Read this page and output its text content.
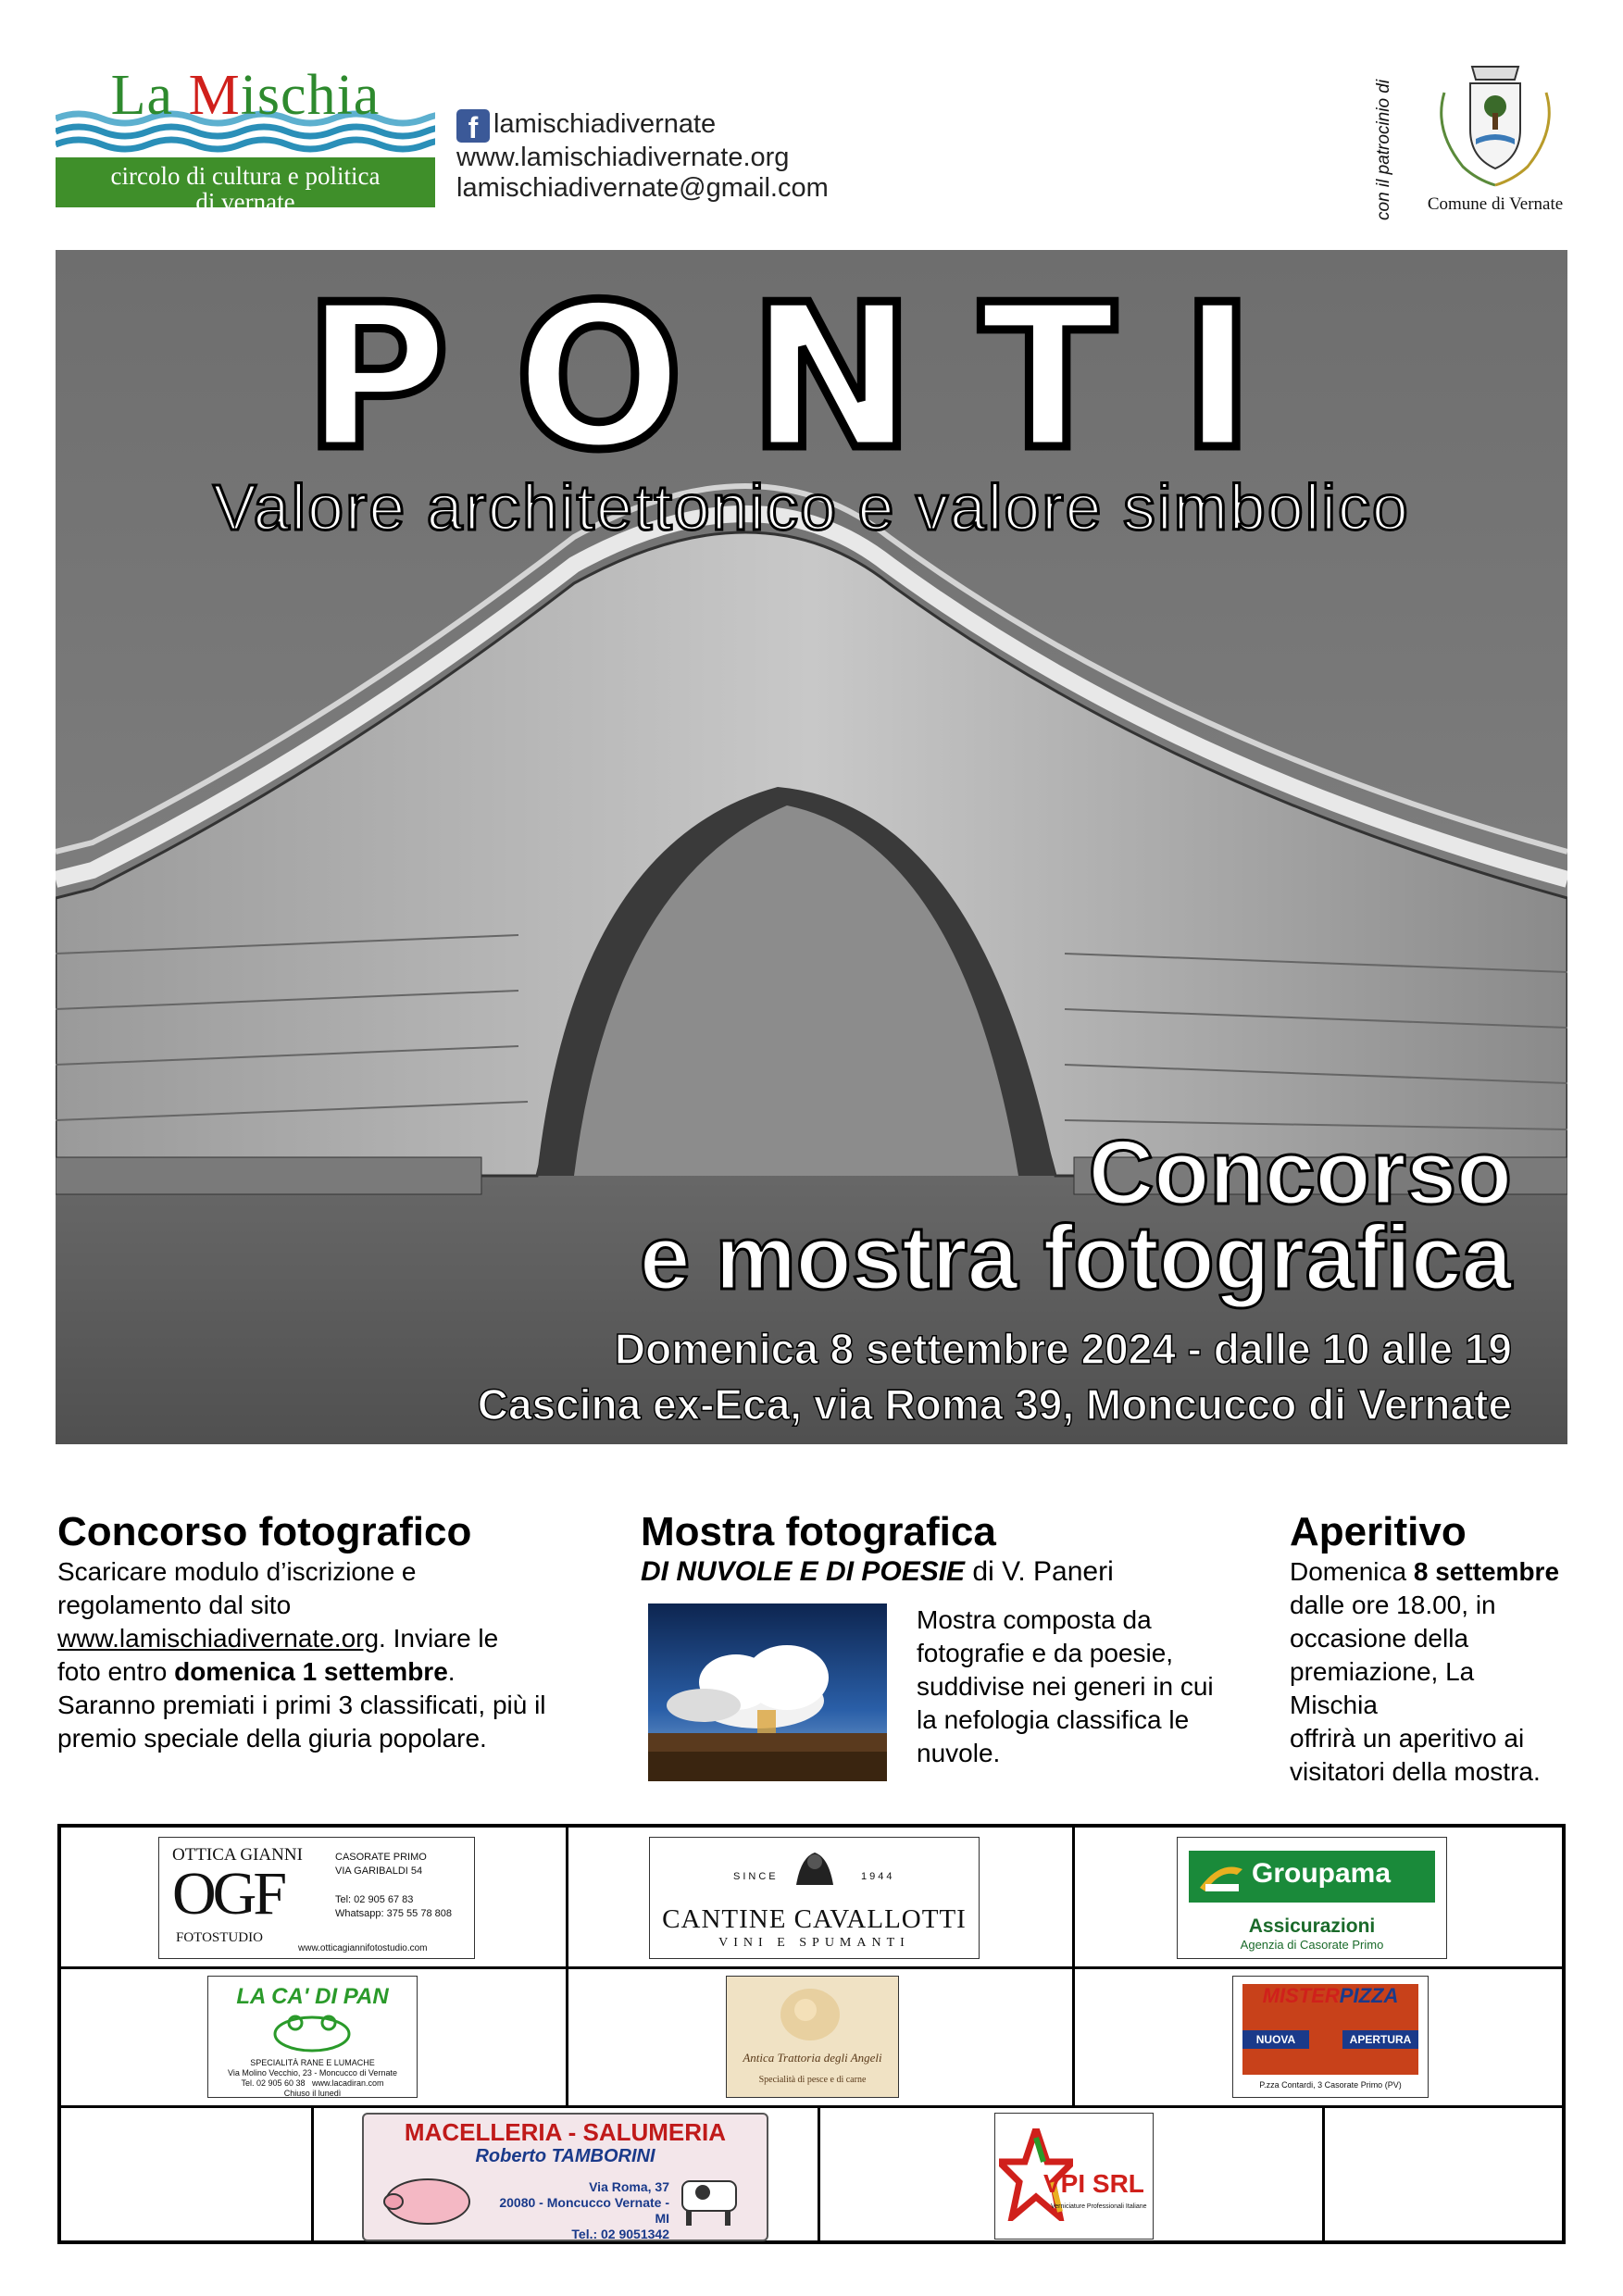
La Mischia
circolo di cultura e politica
di vernate
f lamischiadivernate
www.lamischiadivernate.org
lamischiadivernate@gmail.com	con il patrocinio di	Comune di Vernate
PONTI
Valore architettonico e valore simbolico
Concorso
e mostra fotografica
Domenica 8 settembre 2024 - dalle 10 alle 19
Cascina ex-Eca, via Roma 39, Moncucco di Vernate
Concorso fotografico
Scaricare modulo d’iscrizione e
regolamento dal sito
www.lamischiadivernate.org. Inviare le
foto entro domenica 1 settembre.
Saranno premiati i primi 3 classificati, più il
premio speciale della giuria popolare.
Mostra fotografica
DI NUVOLE E DI POESIE di V. Paneri
Mostra composta da
fotografie e da poesie,
suddivise nei generi in cui
la nefologia classifica le
nuvole.
Aperitivo
Domenica 8 settembre
dalle ore 18.00, in
occasione della
premiazione, La Mischia
offrirà un aperitivo ai
visitatori della mostra.
OTTICA GIANNI
OGF
FOTOSTUDIO
CASORATE PRIMO
VIA GARIBALDI 54
Tel: 02 905 67 83
Whatsapp: 375 55 78 808
www.otticagiannifotostudio.com
SINCE	1944
CANTINE CAVALLOTTI
VINI E SPUMANTI
Groupama
Assicurazioni
Agenzia di Casorate Primo
LA CA' DI PAN
SPECIALITÀ RANE E LUMACHE
Via Molino Vecchio, 23 - Moncucco di Vernate
Tel. 02 905 60 38 www.lacadiran.com
Chiuso il lunedì
Antica Trattoria degli Angeli
Specialità di pesce e di carne
MISTERPIZZA
NUOVA	APERTURA
P.zza Contardi, 3 Casorate Primo (PV)
MACELLERIA - SALUMERIA
Roberto TAMBORINI
Via Roma, 37
20080 - Moncucco Vernate - MI
Tel.: 02 9051342
VPI SRL
Verniciature Professionali Italiane
